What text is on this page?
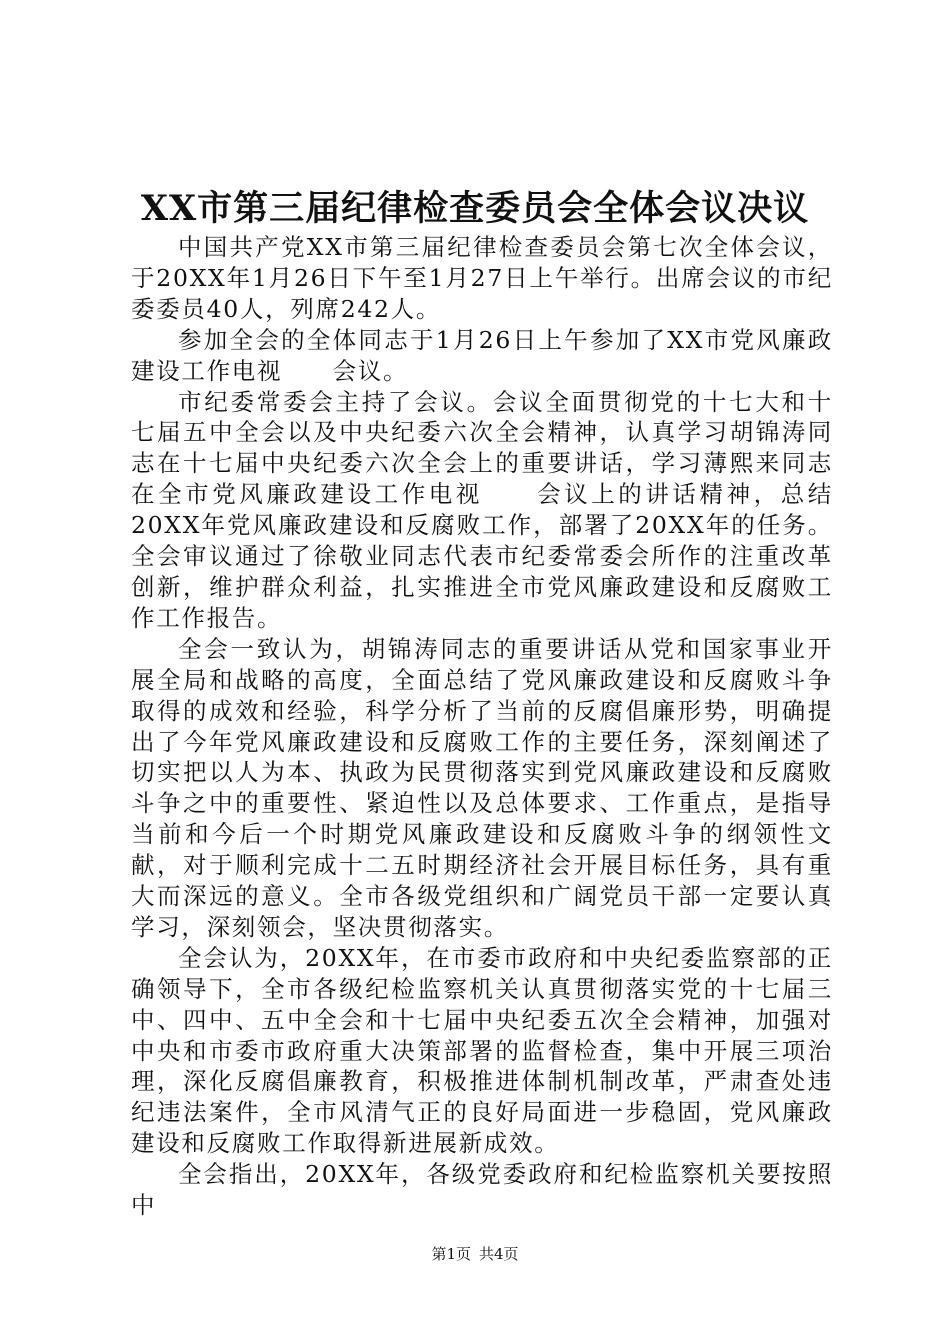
XX市第三届纪律检查委员会全体会议决议

中国共产党XX市第三届纪律检查委员会第七次全体会议，于20XX年1月26日下午至1月27日上午举行。出席会议的市纪委委员40人，列席242人。

参加全会的全体同志于1月26日上午参加了XX市党风廉政建设工作电视　　会议。

市纪委常委会主持了会议。会议全面贯彻党的十七大和十七届五中全会以及中央纪委六次全会精神，认真学习胡锦涛同志在十七届中央纪委六次全会上的重要讲话，学习薄熙来同志在全市党风廉政建设工作电视　　会议上的讲话精神，总结20XX年党风廉政建设和反腐败工作，部署了20XX年的任务。全会审议通过了徐敬业同志代表市纪委常委会所作的注重改革创新，维护群众利益，扎实推进全市党风廉政建设和反腐败工作工作报告。

全会一致认为，胡锦涛同志的重要讲话从党和国家事业开展全局和战略的高度，全面总结了党风廉政建设和反腐败斗争取得的成效和经验，科学分析了当前的反腐倡廉形势，明确提出了今年党风廉政建设和反腐败工作的主要任务，深刻阐述了切实把以人为本、执政为民贯彻落实到党风廉政建设和反腐败斗争之中的重要性、紧迫性以及总体要求、工作重点，是指导当前和今后一个时期党风廉政建设和反腐败斗争的纲领性文献，对于顺利完成十二五时期经济社会开展目标任务，具有重大而深远的意义。全市各级党组织和广阔党员干部一定要认真学习，深刻领会，坚决贯彻落实。

全会认为，20XX年，在市委市政府和中央纪委监察部的正确领导下，全市各级纪检监察机关认真贯彻落实党的十七届三中、四中、五中全会和十七届中央纪委五次全会精神，加强对中央和市委市政府重大决策部署的监督检查，集中开展三项治理，深化反腐倡廉教育，积极推进体制机制改革，严肃查处违纪违法案件，全市风清气正的良好局面进一步稳固，党风廉政建设和反腐败工作取得新进展新成效。

全会指出，20XX年，各级党委政府和纪检监察机关要按照中

第1页 共4页
